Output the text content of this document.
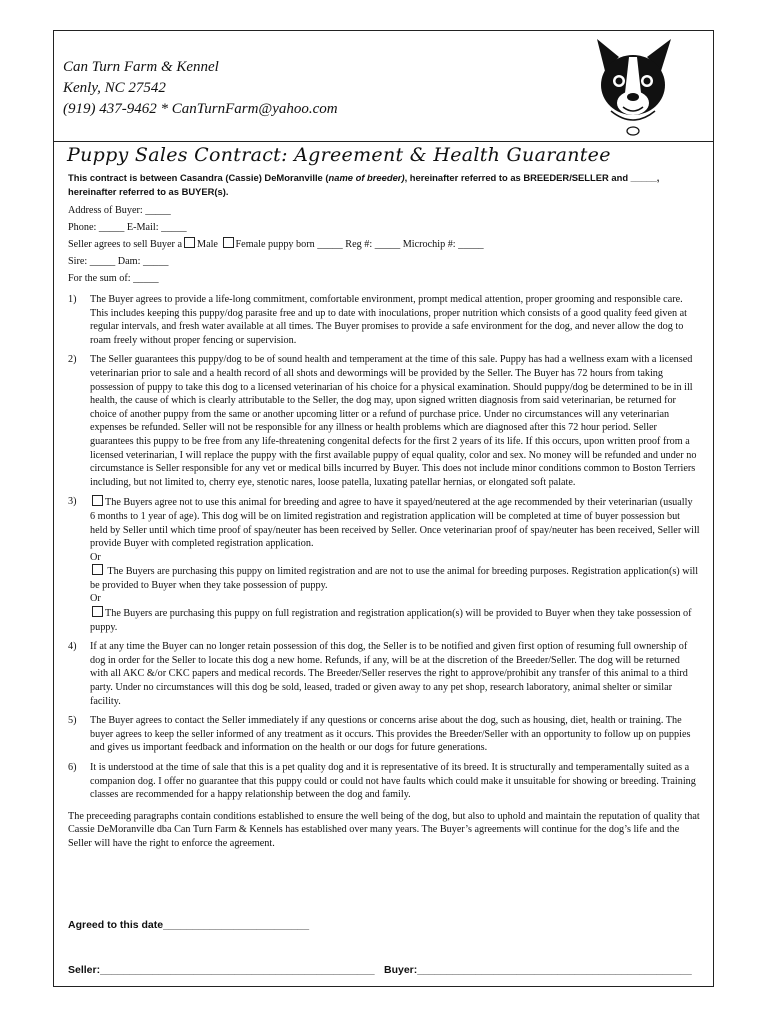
Can Turn Farm & Kennel
Kenly, NC 27542
(919) 437-9462 * CanTurnFarm@yahoo.com
Puppy Sales Contract: Agreement & Health Guarantee

This contract is between Casandra (Cassie) DeMoranville (name of breeder), hereinafter referred to as BREEDER/SELLER and _____, hereinafter referred to as BUYER(s).

Address of Buyer: _____

Phone: _____ E-Mail: _____

Seller agrees to sell Buyer a Male Female puppy born _____ Reg #: _____ Microchip #: _____

Sire: _____ Dam: _____

For the sum of: _____

1)	The Buyer agrees to provide a life-long commitment, comfortable environment, prompt medical attention, proper grooming and responsible care. This includes keeping this puppy/dog parasite free and up to date with inoculations, proper nutrition which consists of a good quality feed given at regular intervals, and fresh water available at all times. The Buyer promises to provide a safe environment for the dog, and never allow the dog to roam freely without proper fencing or supervision.
2)	The Seller guarantees this puppy/dog to be of sound health and temperament at the time of this sale. Puppy has had a wellness exam with a licensed veterinarian prior to sale and a health record of all shots and dewormings will be provided by the Seller. The Buyer has 72 hours from taking possession of puppy to take this dog to a licensed veterinarian of his choice for a physical examination. Should puppy/dog be determined to be in ill health, the cause of which is clearly attributable to the Seller, the dog may, upon signed written diagnosis from said veterinarian, be returned for choice of another puppy from the same or another upcoming litter or a refund of purchase price. Under no circumstances will any veterinarian expenses be refunded. Seller will not be responsible for any illness or health problems which are diagnosed after this 72 hour period. Seller guarantees this puppy to be free from any life-threatening congenital defects for the first 2 years of its life. If this occurs, upon written proof from a licensed veterinarian, I will replace the puppy with the first available puppy of equal quality, color and sex. No money will be refunded and under no circumstance is Seller responsible for any vet or medical bills incurred by Buyer. This does not include minor conditions common to Boston Terriers including, but not limited to, cherry eye, stenotic nares, loose patella, luxating patellar hernias, or elongated soft palate.
3)	The Buyers agree not to use this animal for breeding and agree to have it spayed/neutered at the age recommended by their veterinarian (usually 6 months to 1 year of age). This dog will be on limited registration and registration application will be completed at time of buyer possession but held by Seller until which time proof of spay/neuter has been received by Seller. Once veterinarian proof of spay/neuter has been received, Seller will provide Buyer with completed registration application.
Or
The Buyers are purchasing this puppy on limited registration and are not to use the animal for breeding purposes. Registration application(s) will be provided to Buyer when they take possession of puppy.
Or
The Buyers are purchasing this puppy on full registration and registration application(s) will be provided to Buyer when they take possession of puppy.
4)	If at any time the Buyer can no longer retain possession of this dog, the Seller is to be notified and given first option of resuming full ownership of dog in order for the Seller to locate this dog a new home. Refunds, if any, will be at the discretion of the Breeder/Seller. The dog will be returned with all AKC &/or CKC papers and medical records. The Breeder/Seller reserves the right to approve/prohibit any transfer of this animal to a third party. Under no circumstances will this dog be sold, leased, traded or given away to any pet shop, research laboratory, animal shelter or similar facility.
5)	The Buyer agrees to contact the Seller immediately if any questions or concerns arise about the dog, such as housing, diet, health or training. The buyer agrees to keep the seller informed of any treatment as it occurs. This provides the Breeder/Seller with an opportunity to follow up on puppies and gives us important feedback and information on the health or our dogs for future generations.
6)	It is understood at the time of sale that this is a pet quality dog and it is representative of its breed. It is structurally and temperamentally suited as a companion dog. I offer no guarantee that this puppy could or could not have faults which could make it unsuitable for showing or breeding. Training classes are recommended for a happy relationship between the dog and family.

The preceeding paragraphs contain conditions established to ensure the well being of the dog, but also to uphold and maintain the reputation of quality that Cassie DeMoranville dba Can Turn Farm & Kennels has established over many years. The Buyer’s agreements will continue for the dog’s life and the Seller will have the right to enforce the agreement.

Agreed to this date_________________________
Seller:_______________________________________________ Buyer:_______________________________________________
